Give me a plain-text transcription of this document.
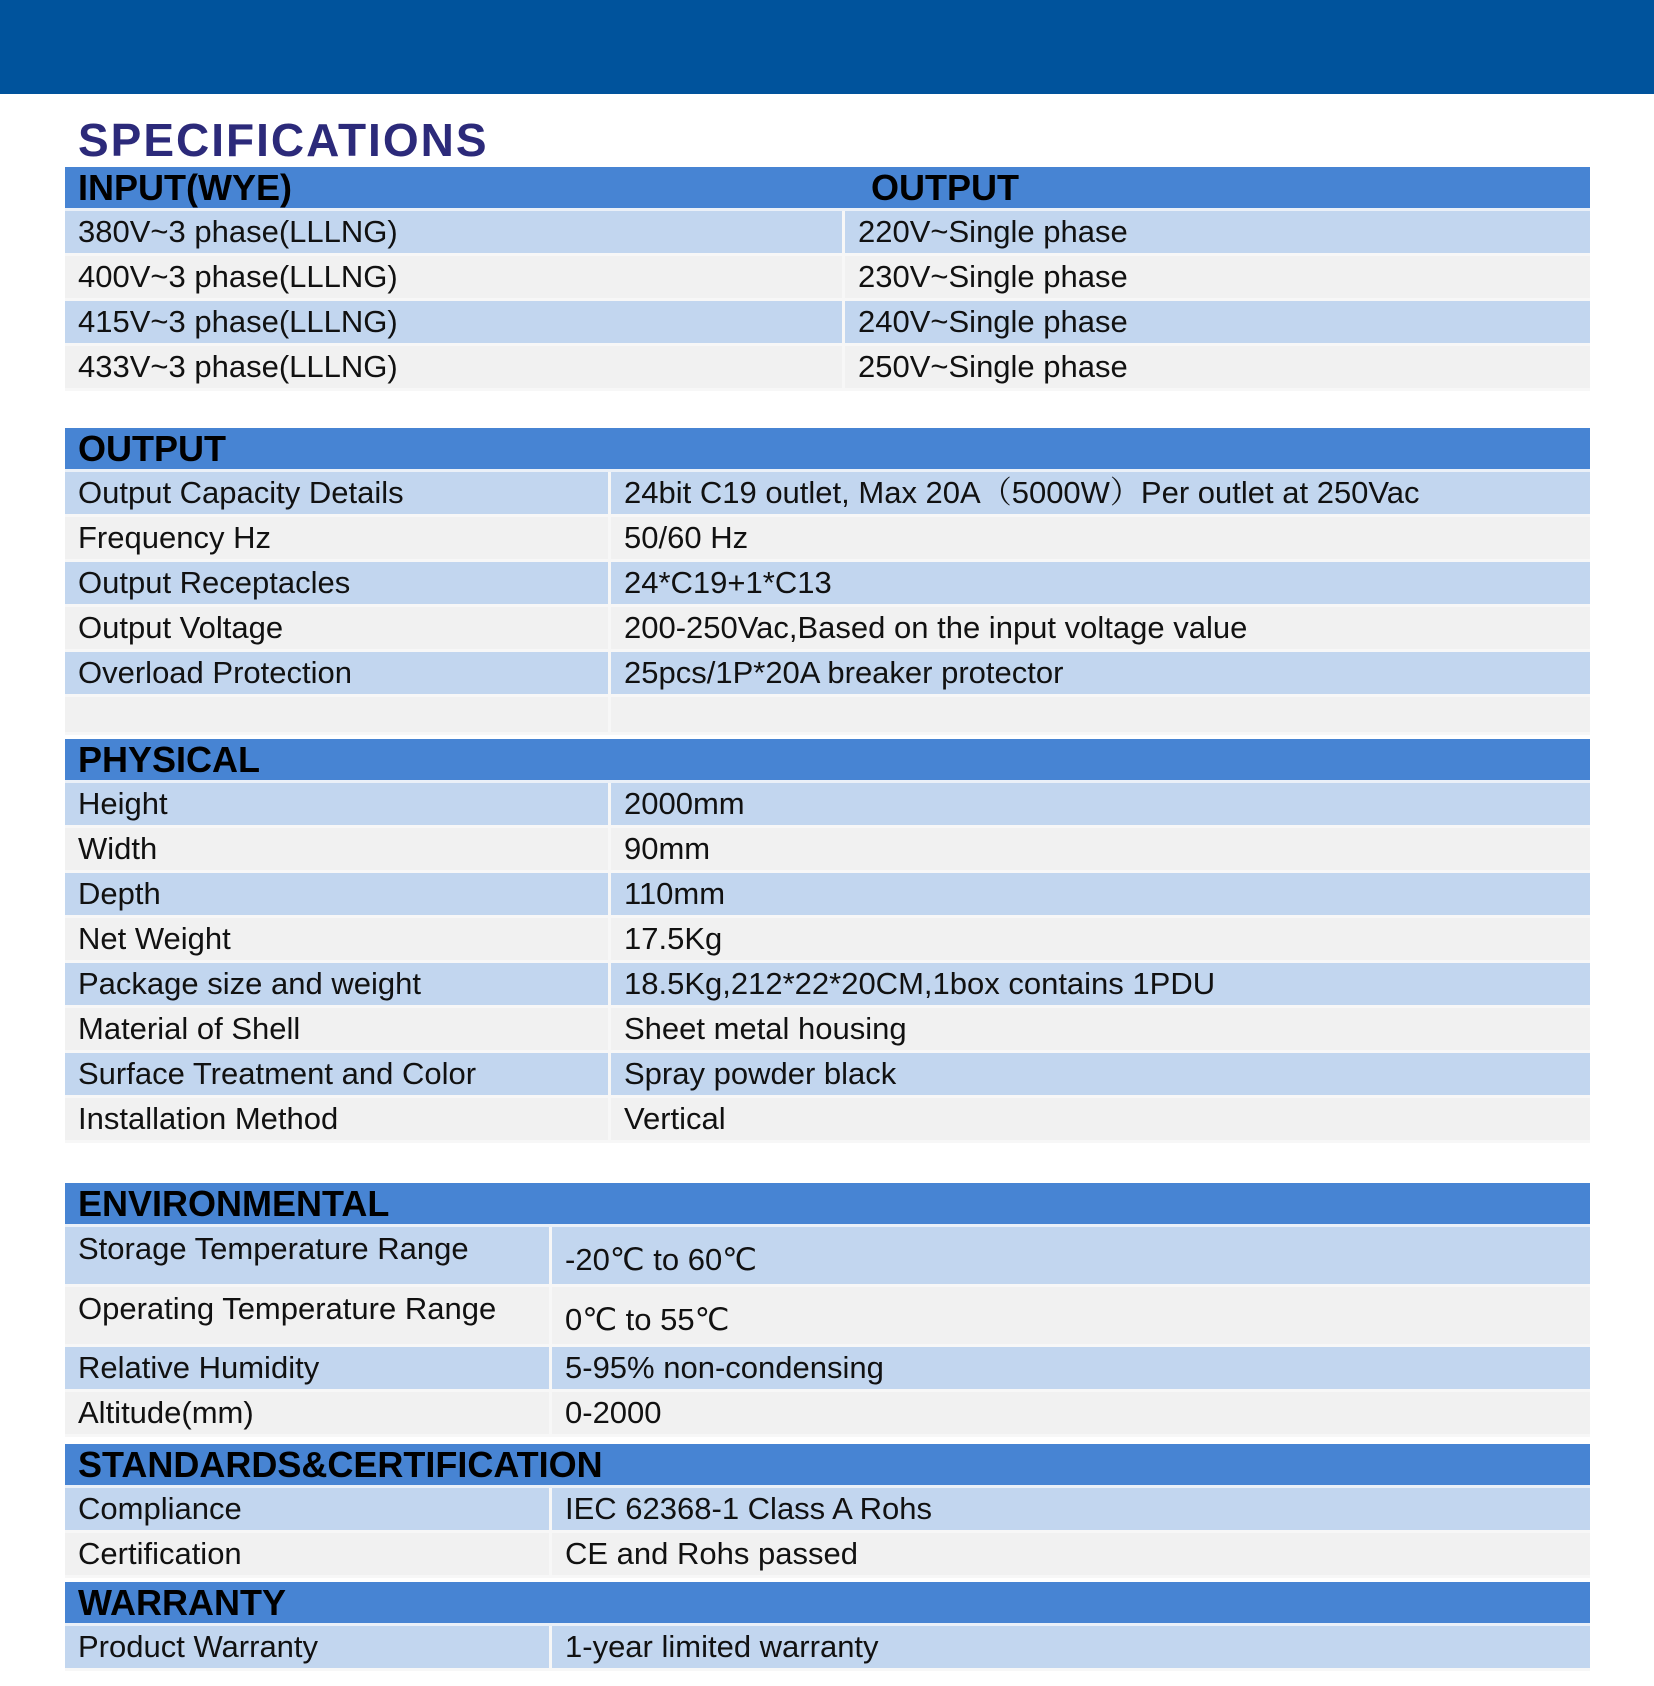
SPECIFICATIONS
INPUT(WYE)	OUTPUT
380V~3 phase(LLLNG)	220V~Single phase
400V~3 phase(LLLNG)	230V~Single phase
415V~3 phase(LLLNG)	240V~Single phase
433V~3 phase(LLLNG)	250V~Single phase
OUTPUT
Output Capacity Details	24bit C19 outlet, Max 20A（5000W）Per outlet at 250Vac
Frequency Hz	50/60 Hz
Output Receptacles	24*C19+1*C13
Output Voltage	200-250Vac,Based on the input voltage value
Overload Protection	25pcs/1P*20A breaker protector
PHYSICAL
Height	2000mm
Width	90mm
Depth	110mm
Net Weight	17.5Kg
Package size and weight	18.5Kg,212*22*20CM,1box contains 1PDU
Material of Shell	Sheet metal housing
Surface Treatment and Color	Spray powder black
Installation Method	Vertical
ENVIRONMENTAL
Storage Temperature Range	-20℃ to 60℃
Operating Temperature Range	0℃ to 55℃
Relative Humidity	5-95% non-condensing
Altitude(mm)	0-2000
STANDARDS&CERTIFICATION
Compliance	IEC 62368-1 Class A Rohs
Certification	CE and Rohs passed
WARRANTY
Product Warranty	1-year limited warranty
